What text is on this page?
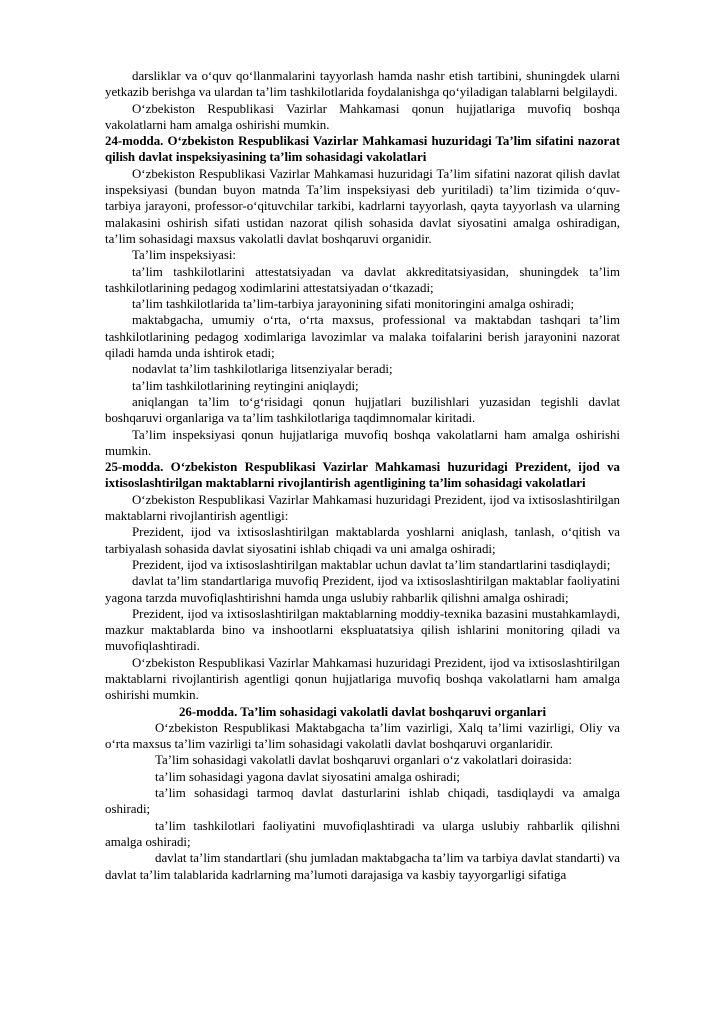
darsliklar va o‘quv qo‘llanmalarini tayyorlash hamda nashr etish tartibini, shuningdek ularni yetkazib berishga va ulardan ta’lim tashkilotlarida foydalanishga qo‘yiladigan talablarni belgilaydi.

O‘zbekiston Respublikasi Vazirlar Mahkamasi qonun hujjatlariga muvofiq boshqa vakolatlarni ham amalga oshirishi mumkin.

24-modda. O‘zbekiston Respublikasi Vazirlar Mahkamasi huzuridagi Ta’lim sifatini nazorat qilish davlat inspeksiyasining ta’lim sohasidagi vakolatlari

O‘zbekiston Respublikasi Vazirlar Mahkamasi huzuridagi Ta’lim sifatini nazorat qilish davlat inspeksiyasi (bundan buyon matnda Ta’lim inspeksiyasi deb yuritiladi) ta’lim tizimida o‘quv-tarbiya jarayoni, professor-o‘qituvchilar tarkibi, kadrlarni tayyorlash, qayta tayyorlash va ularning malakasini oshirish sifati ustidan nazorat qilish sohasida davlat siyosatini amalga oshiradigan, ta’lim sohasidagi maxsus vakolatli davlat boshqaruvi organidir.

Ta’lim inspeksiyasi:

ta’lim tashkilotlarini attestatsiyadan va davlat akkreditatsiyasidan, shuningdek ta’lim tashkilotlarining pedagog xodimlarini attestatsiyadan o‘tkazadi;

ta’lim tashkilotlarida ta’lim-tarbiya jarayonining sifati monitoringini amalga oshiradi;

maktabgacha, umumiy o‘rta, o‘rta maxsus, professional va maktabdan tashqari ta’lim tashkilotlarining pedagog xodimlariga lavozimlar va malaka toifalarini berish jarayonini nazorat qiladi hamda unda ishtirok etadi;

nodavlat ta’lim tashkilotlariga litsenziyalar beradi;

ta’lim tashkilotlarining reytingini aniqlaydi;

aniqlangan ta’lim to‘g‘risidagi qonun hujjatlari buzilishlari yuzasidan tegishli davlat boshqaruvi organlariga va ta’lim tashkilotlariga taqdimnomalar kiritadi.

Ta’lim inspeksiyasi qonun hujjatlariga muvofiq boshqa vakolatlarni ham amalga oshirishi mumkin.

25-modda. O‘zbekiston Respublikasi Vazirlar Mahkamasi huzuridagi Prezident, ijod va ixtisoslashtirilgan maktablarni rivojlantirish agentligining ta’lim sohasidagi vakolatlari

O‘zbekiston Respublikasi Vazirlar Mahkamasi huzuridagi Prezident, ijod va ixtisoslashtirilgan maktablarni rivojlantirish agentligi:

Prezident, ijod va ixtisoslashtirilgan maktablarda yoshlarni aniqlash, tanlash, o‘qitish va tarbiyalash sohasida davlat siyosatini ishlab chiqadi va uni amalga oshiradi;

Prezident, ijod va ixtisoslashtirilgan maktablar uchun davlat ta’lim standartlarini tasdiqlaydi;

davlat ta’lim standartlariga muvofiq Prezident, ijod va ixtisoslashtirilgan maktablar faoliyatini yagona tarzda muvofiqlashtirishni hamda unga uslubiy rahbarlik qilishni amalga oshiradi;

Prezident, ijod va ixtisoslashtirilgan maktablarning moddiy-texnika bazasini mustahkamlaydi, mazkur maktablarda bino va inshootlarni ekspluatatsiya qilish ishlarini monitoring qiladi va muvofiqlashtiradi.

O‘zbekiston Respublikasi Vazirlar Mahkamasi huzuridagi Prezident, ijod va ixtisoslashtirilgan maktablarni rivojlantirish agentligi qonun hujjatlariga muvofiq boshqa vakolatlarni ham amalga oshirishi mumkin.

26-modda. Ta’lim sohasidagi vakolatli davlat boshqaruvi organlari

O‘zbekiston Respublikasi Maktabgacha ta’lim vazirligi, Xalq ta’limi vazirligi, Oliy va o‘rta maxsus ta’lim vazirligi ta’lim sohasidagi vakolatli davlat boshqaruvi organlaridir.

Ta’lim sohasidagi vakolatli davlat boshqaruvi organlari o‘z vakolatlari doirasida:

ta’lim sohasidagi yagona davlat siyosatini amalga oshiradi;

ta’lim sohasidagi tarmoq davlat dasturlarini ishlab chiqadi, tasdiqlaydi va amalga oshiradi;

ta’lim tashkilotlari faoliyatini muvofiqlashtiradi va ularga uslubiy rahbarlik qilishni amalga oshiradi;

davlat ta’lim standartlari (shu jumladan maktabgacha ta’lim va tarbiya davlat standarti) va davlat ta’lim talablarida kadrlarning ma’lumoti darajasiga va kasbiy tayyorgarligi sifatiga
